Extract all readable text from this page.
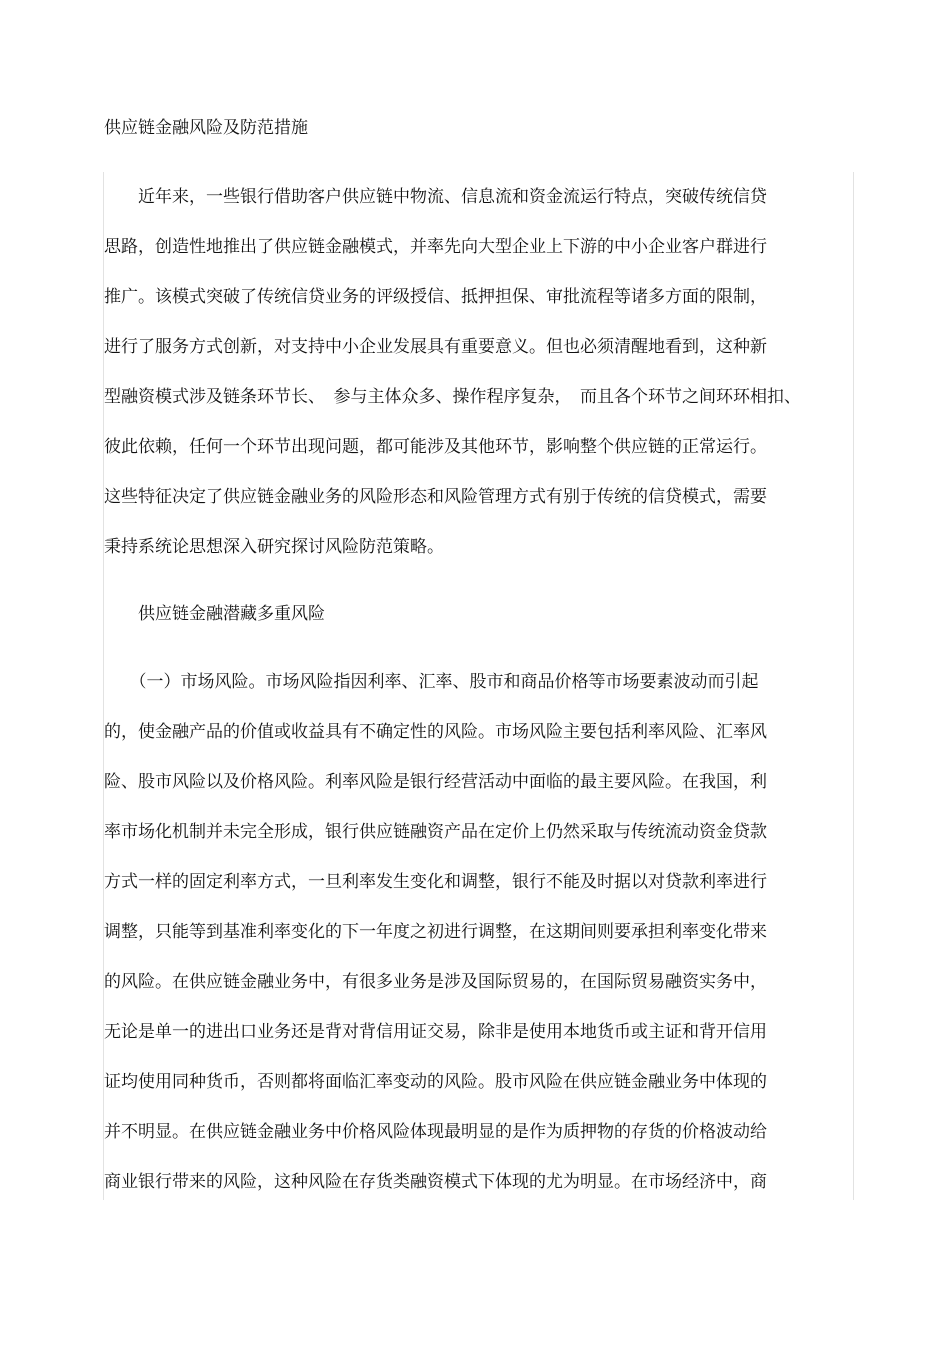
供应链金融风险及防范措施
　　近年来，一些银行借助客户供应链中物流、信息流和资金流运行特点，突破传统信贷
思路，创造性地推出了供应链金融模式，并率先向大型企业上下游的中小企业客户群进行
推广。该模式突破了传统信贷业务的评级授信、抵押担保、审批流程等诸多方面的限制，
进行了服务方式创新，对支持中小企业发展具有重要意义。但也必须清醒地看到，这种新
型融资模式涉及链条环节长、　参与主体众多、操作程序复杂，　而且各个环节之间环环相扣、
彼此依赖，任何一个环节出现问题，都可能涉及其他环节，影响整个供应链的正常运行。
这些特征决定了供应链金融业务的风险形态和风险管理方式有别于传统的信贷模式，需要
秉持系统论思想深入研究探讨风险防范策略。
　　供应链金融潜藏多重风险
　　（一）市场风险。市场风险指因利率、汇率、股市和商品价格等市场要素波动而引起
的，使金融产品的价值或收益具有不确定性的风险。市场风险主要包括利率风险、汇率风
险、股市风险以及价格风险。利率风险是银行经营活动中面临的最主要风险。在我国，利
率市场化机制并未完全形成，银行供应链融资产品在定价上仍然采取与传统流动资金贷款
方式一样的固定利率方式，一旦利率发生变化和调整，银行不能及时据以对贷款利率进行
调整，只能等到基准利率变化的下一年度之初进行调整，在这期间则要承担利率变化带来
的风险。在供应链金融业务中，有很多业务是涉及国际贸易的，在国际贸易融资实务中，
无论是单一的进出口业务还是背对背信用证交易，除非是使用本地货币或主证和背开信用
证均使用同种货币，否则都将面临汇率变动的风险。股市风险在供应链金融业务中体现的
并不明显。在供应链金融业务中价格风险体现最明显的是作为质押物的存货的价格波动给
商业银行带来的风险，这种风险在存货类融资模式下体现的尤为明显。在市场经济中，商
